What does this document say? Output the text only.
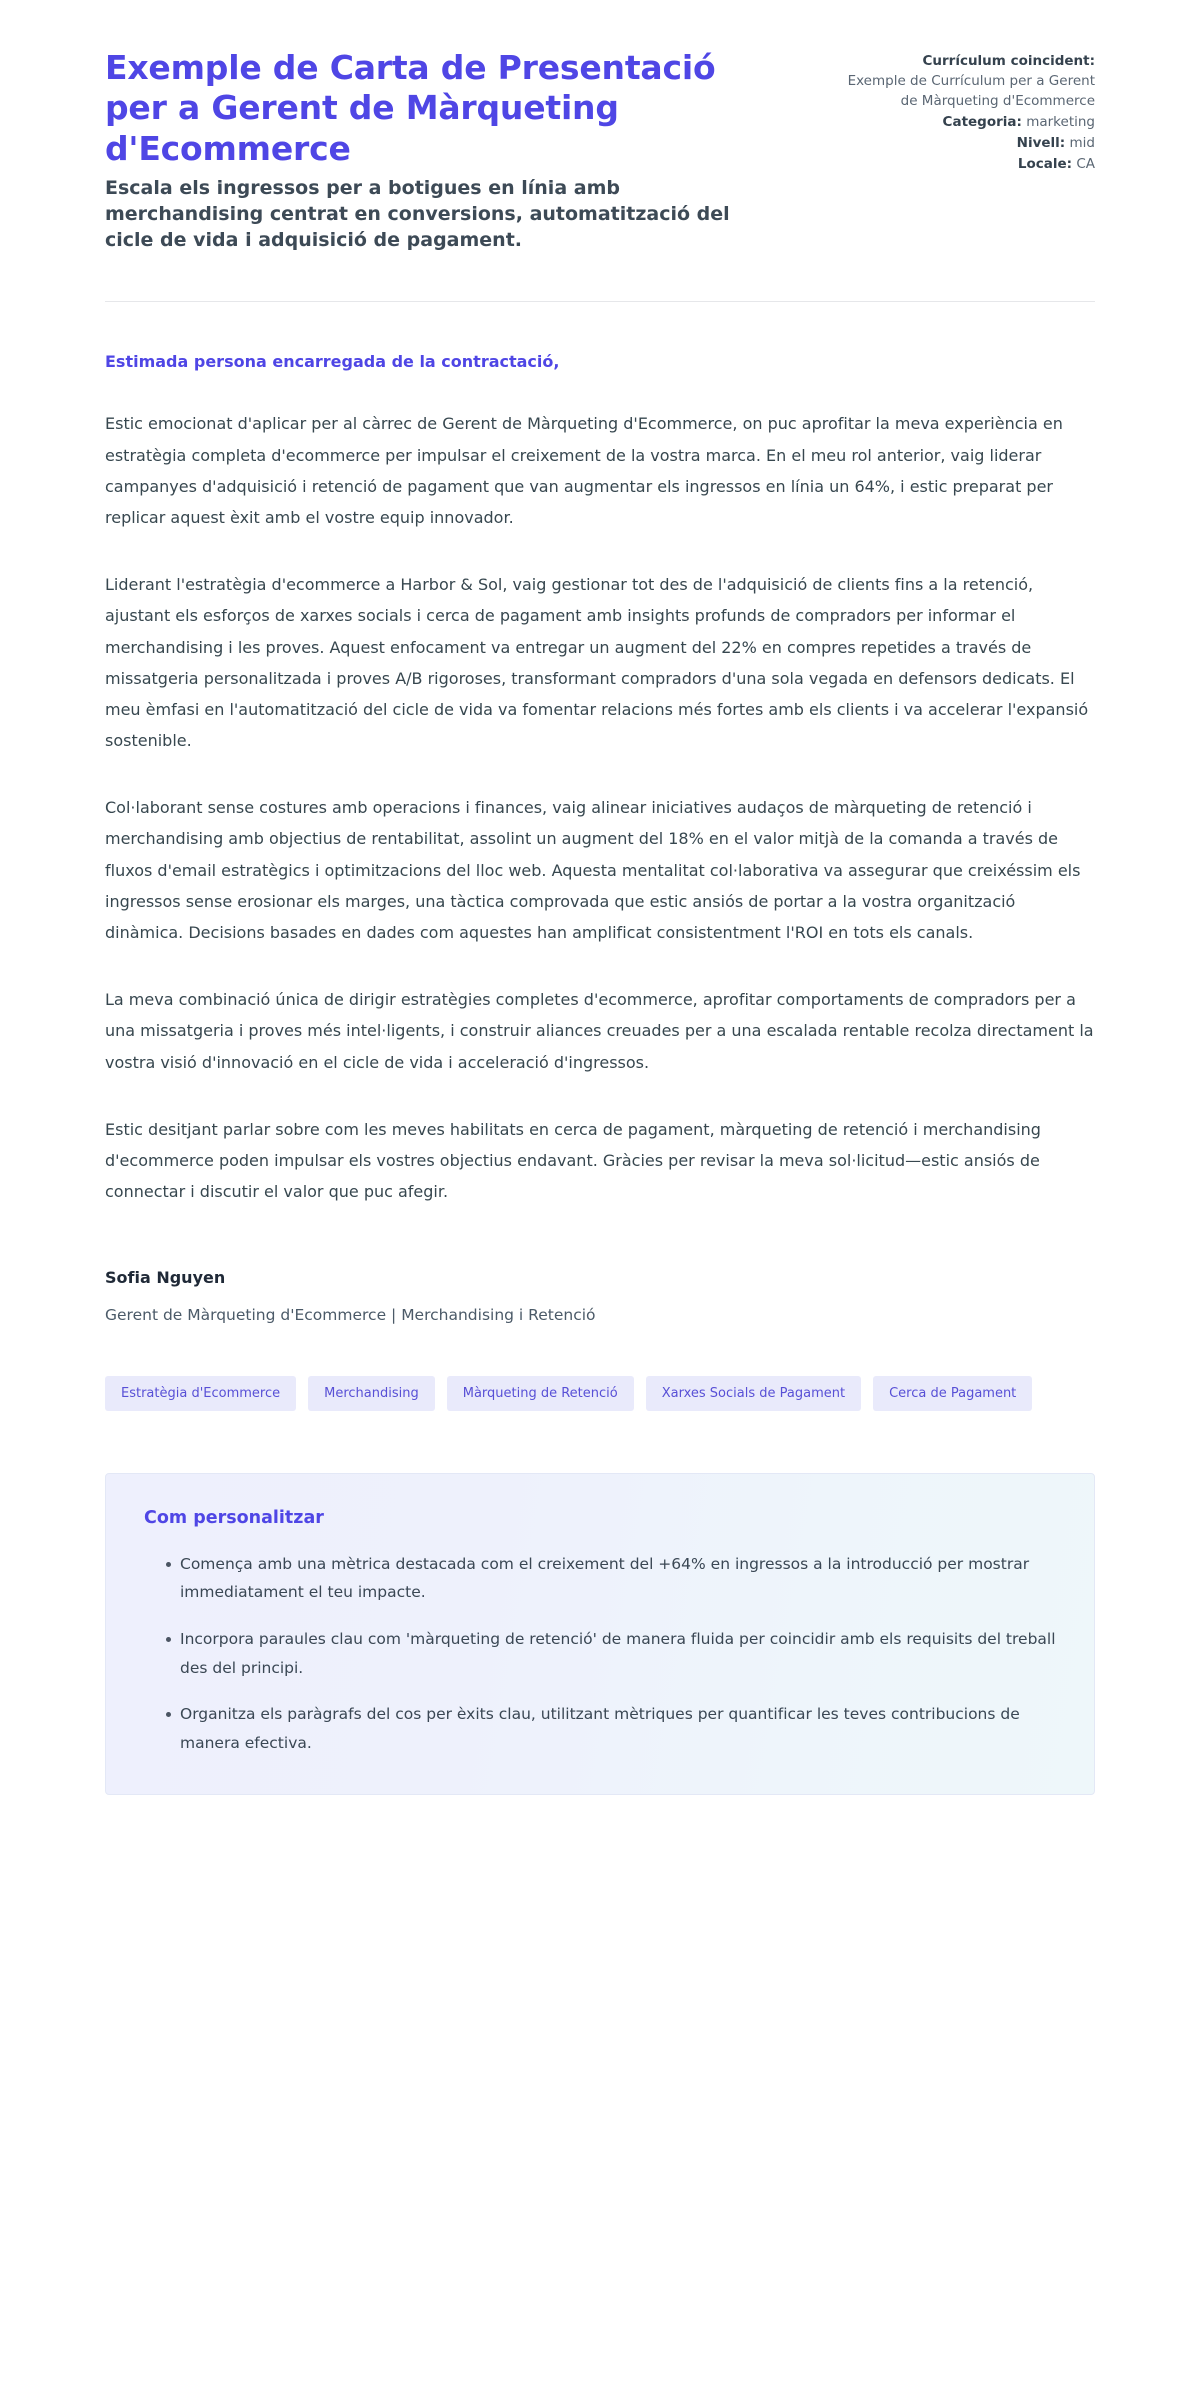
Exemple de Carta de Presentació per a Gerent de Màrqueting d'Ecommerce

Escala els ingressos per a botigues en línia amb merchandising centrat en conversions, automatització del cicle de vida i adquisició de pagament.

Currículum coincident:
Exemple de Currículum per a Gerent de Màrqueting d'Ecommerce
Categoria: marketing
Nivell: mid
Locale: CA

Estimada persona encarregada de la contractació,

Estic emocionat d'aplicar per al càrrec de Gerent de Màrqueting d'Ecommerce, on puc aprofitar la meva experiència en estratègia completa d'ecommerce per impulsar el creixement de la vostra marca. En el meu rol anterior, vaig liderar campanyes d'adquisició i retenció de pagament que van augmentar els ingressos en línia un 64%, i estic preparat per replicar aquest èxit amb el vostre equip innovador.

Liderant l'estratègia d'ecommerce a Harbor & Sol, vaig gestionar tot des de l'adquisició de clients fins a la retenció, ajustant els esforços de xarxes socials i cerca de pagament amb insights profunds de compradors per informar el merchandising i les proves. Aquest enfocament va entregar un augment del 22% en compres repetides a través de missatgeria personalitzada i proves A/B rigoroses, transformant compradors d'una sola vegada en defensors dedicats. El meu èmfasi en l'automatització del cicle de vida va fomentar relacions més fortes amb els clients i va accelerar l'expansió sostenible.

Col·laborant sense costures amb operacions i finances, vaig alinear iniciatives audaços de màrqueting de retenció i merchandising amb objectius de rentabilitat, assolint un augment del 18% en el valor mitjà de la comanda a través de fluxos d'email estratègics i optimitzacions del lloc web. Aquesta mentalitat col·laborativa va assegurar que creixéssim els ingressos sense erosionar els marges, una tàctica comprovada que estic ansiós de portar a la vostra organització dinàmica. Decisions basades en dades com aquestes han amplificat consistentment l'ROI en tots els canals.

La meva combinació única de dirigir estratègies completes d'ecommerce, aprofitar comportaments de compradors per a una missatgeria i proves més intel·ligents, i construir aliances creuades per a una escalada rentable recolza directament la vostra visió d'innovació en el cicle de vida i acceleració d'ingressos.

Estic desitjant parlar sobre com les meves habilitats en cerca de pagament, màrqueting de retenció i merchandising d'ecommerce poden impulsar els vostres objectius endavant. Gràcies per revisar la meva sol·licitud—estic ansiós de connectar i discutir el valor que puc afegir.

Sofia Nguyen

Gerent de Màrqueting d'Ecommerce | Merchandising i Retenció

Estratègia d'Ecommerce	Merchandising	Màrqueting de Retenció	Xarxes Socials de Pagament	Cerca de Pagament

Com personalitzar

Comença amb una mètrica destacada com el creixement del +64% en ingressos a la introducció per mostrar immediatament el teu impacte.
Incorpora paraules clau com 'màrqueting de retenció' de manera fluida per coincidir amb els requisits del treball des del principi.
Organitza els paràgrafs del cos per èxits clau, utilitzant mètriques per quantificar les teves contribucions de manera efectiva.
